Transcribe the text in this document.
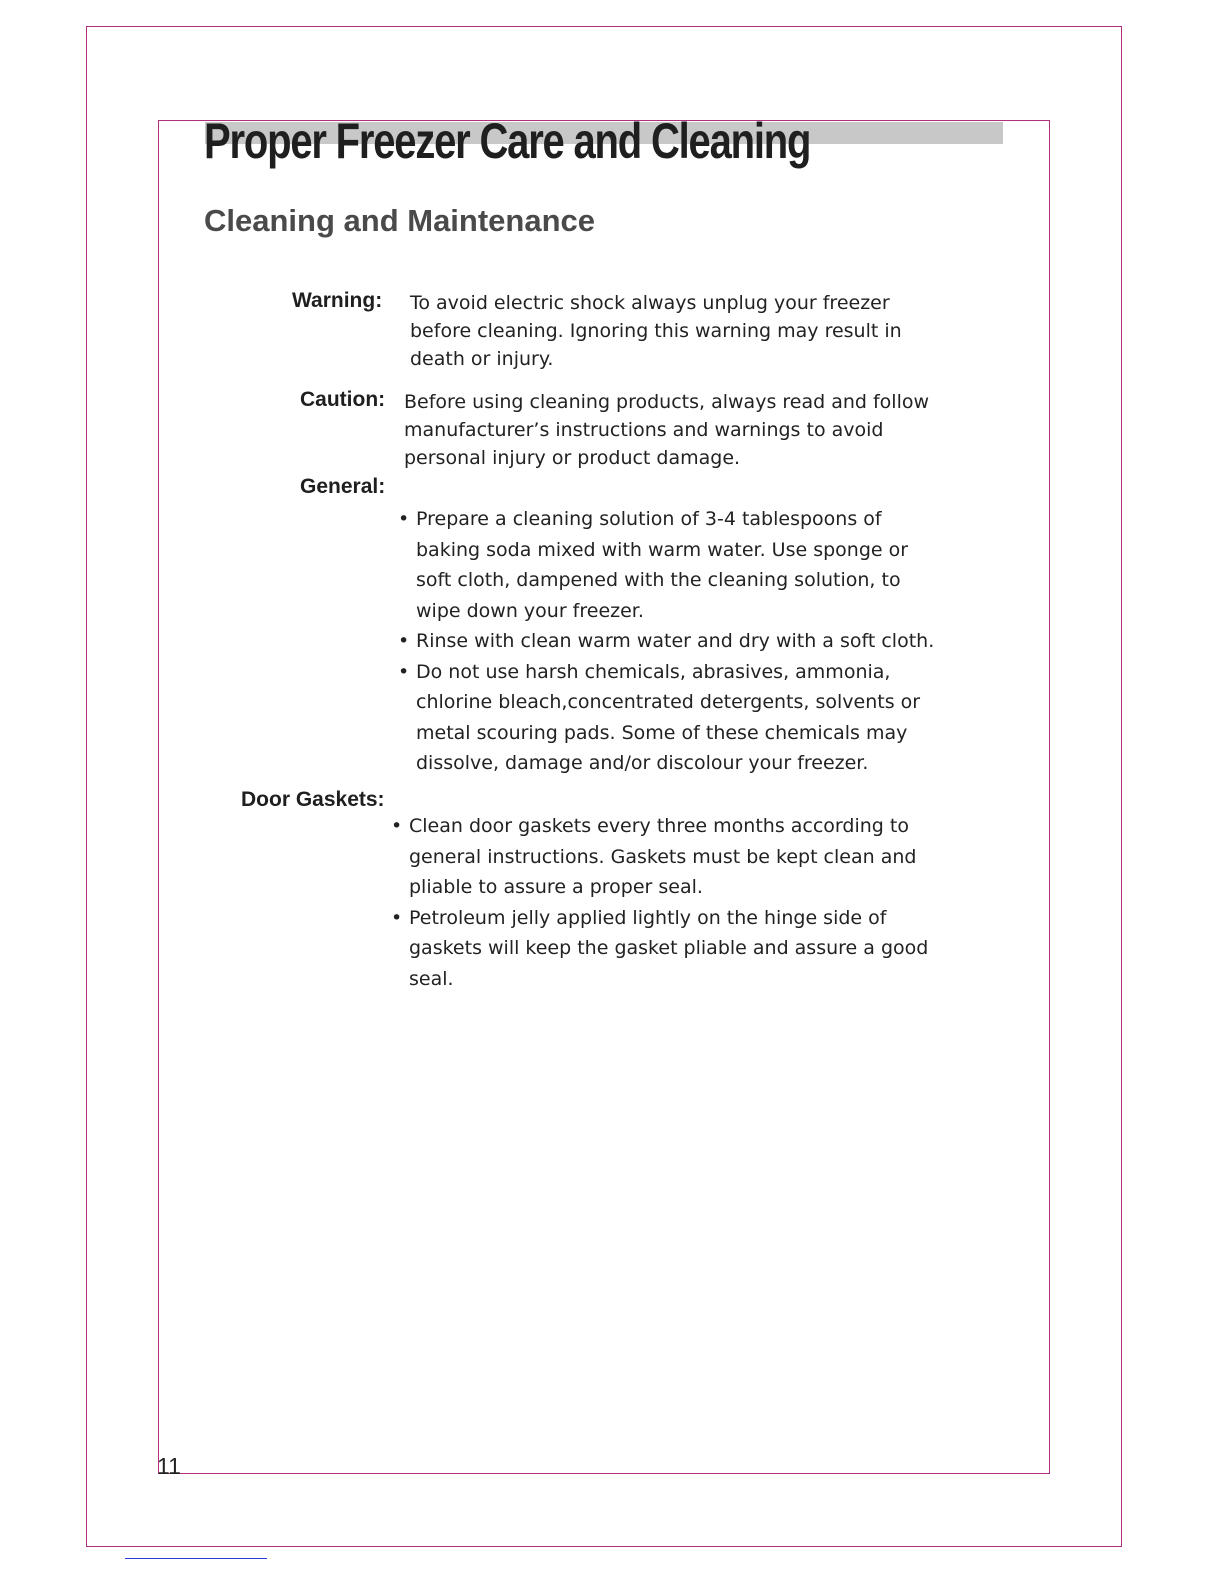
Proper Freezer Care and Cleaning
Cleaning and Maintenance
Warning: To avoid electric shock always unplug your freezer before cleaning. Ignoring this warning may result in death or injury.

Caution: Before using cleaning products, always read and follow manufacturer’s instructions and warnings to avoid personal injury or product damage.

General:
• Prepare a cleaning solution of 3-4 tablespoons of baking soda mixed with warm water. Use sponge or soft cloth, dampened with the cleaning solution, to wipe down your freezer.
• Rinse with clean warm water and dry with a soft cloth.
• Do not use harsh chemicals, abrasives, ammonia, chlorine bleach,concentrated detergents, solvents or metal scouring pads. Some of these chemicals may dissolve, damage and/or discolour your freezer.
Door Gaskets:
• Clean door gaskets every three months according to general instructions. Gaskets must be kept clean and pliable to assure a proper seal.
• Petroleum jelly applied lightly on the hinge side of gaskets will keep the gasket pliable and assure a good seal.
11
